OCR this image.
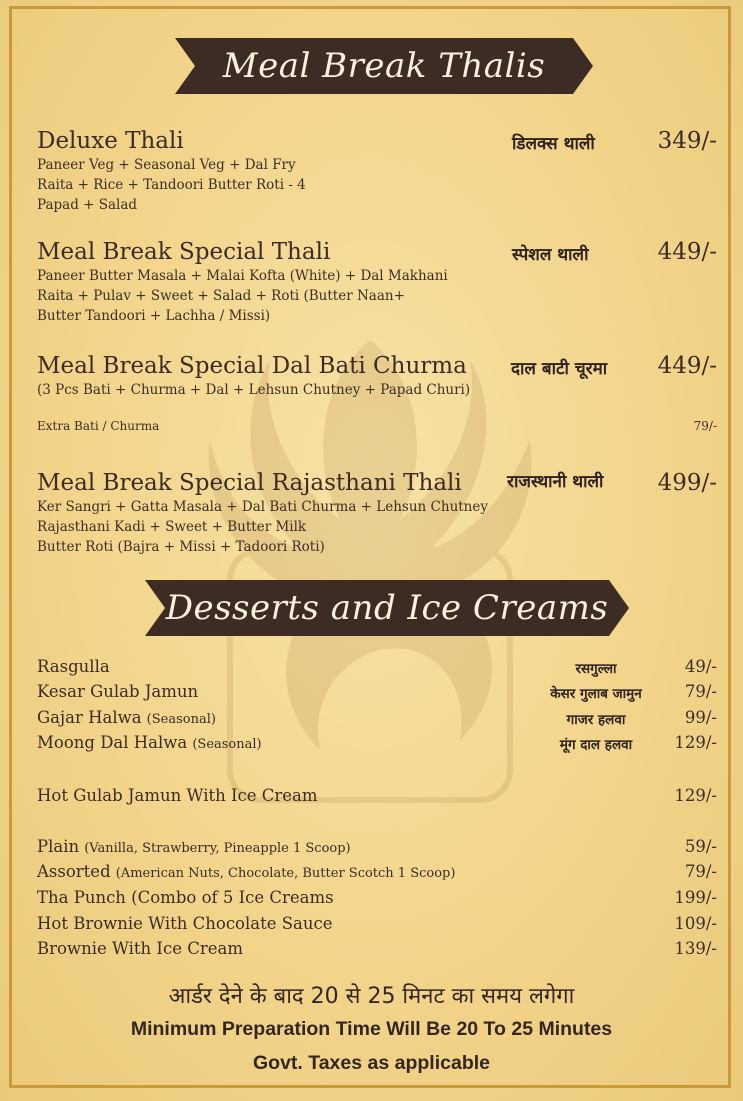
Meal Break Thalis
Deluxe Thali	डिलक्स थाली	349/-
Paneer Veg + Seasonal Veg + Dal Fry
Raita + Rice + Tandoori Butter Roti - 4
Papad + Salad
Meal Break Special Thali	स्पेशल थाली	449/-
Paneer Butter Masala + Malai Kofta (White) + Dal Makhani
Raita + Pulav + Sweet + Salad + Roti (Butter Naan+
Butter Tandoori + Lachha / Missi)
Meal Break Special Dal Bati Churma	दाल बाटी चूरमा 449/-
(3 Pcs Bati + Churma + Dal + Lehsun Chutney + Papad Churi)
Extra Bati / Churma	79/-
Meal Break Special Rajasthani Thali	राजस्थानी थाली 499/-
Ker Sangri + Gatta Masala + Dal Bati Churma + Lehsun Chutney
Rajasthani Kadi + Sweet + Butter Milk
Butter Roti (Bajra + Missi + Tadoori Roti)
Desserts and Ice Creams
Rasgulla	रसगुल्ला	49/-
Kesar Gulab Jamun	केसर गुलाब जामुन	79/-
Gajar Halwa (Seasonal)	गाजर हलवा	99/-
Moong Dal Halwa (Seasonal)	मूंग दाल हलवा	129/-
Hot Gulab Jamun With Ice Cream	129/-
Plain (Vanilla, Strawberry, Pineapple 1 Scoop)	59/-
Assorted (American Nuts, Chocolate, Butter Scotch 1 Scoop)	79/-
Tha Punch (Combo of 5 Ice Creams	199/-
Hot Brownie With Chocolate Sauce	109/-
Brownie With Ice Cream	139/-
आर्डर देने के बाद 20 से 25 मिनट का समय लगेगा
Minimum Preparation Time Will Be 20 To 25 Minutes
Govt. Taxes as applicable
